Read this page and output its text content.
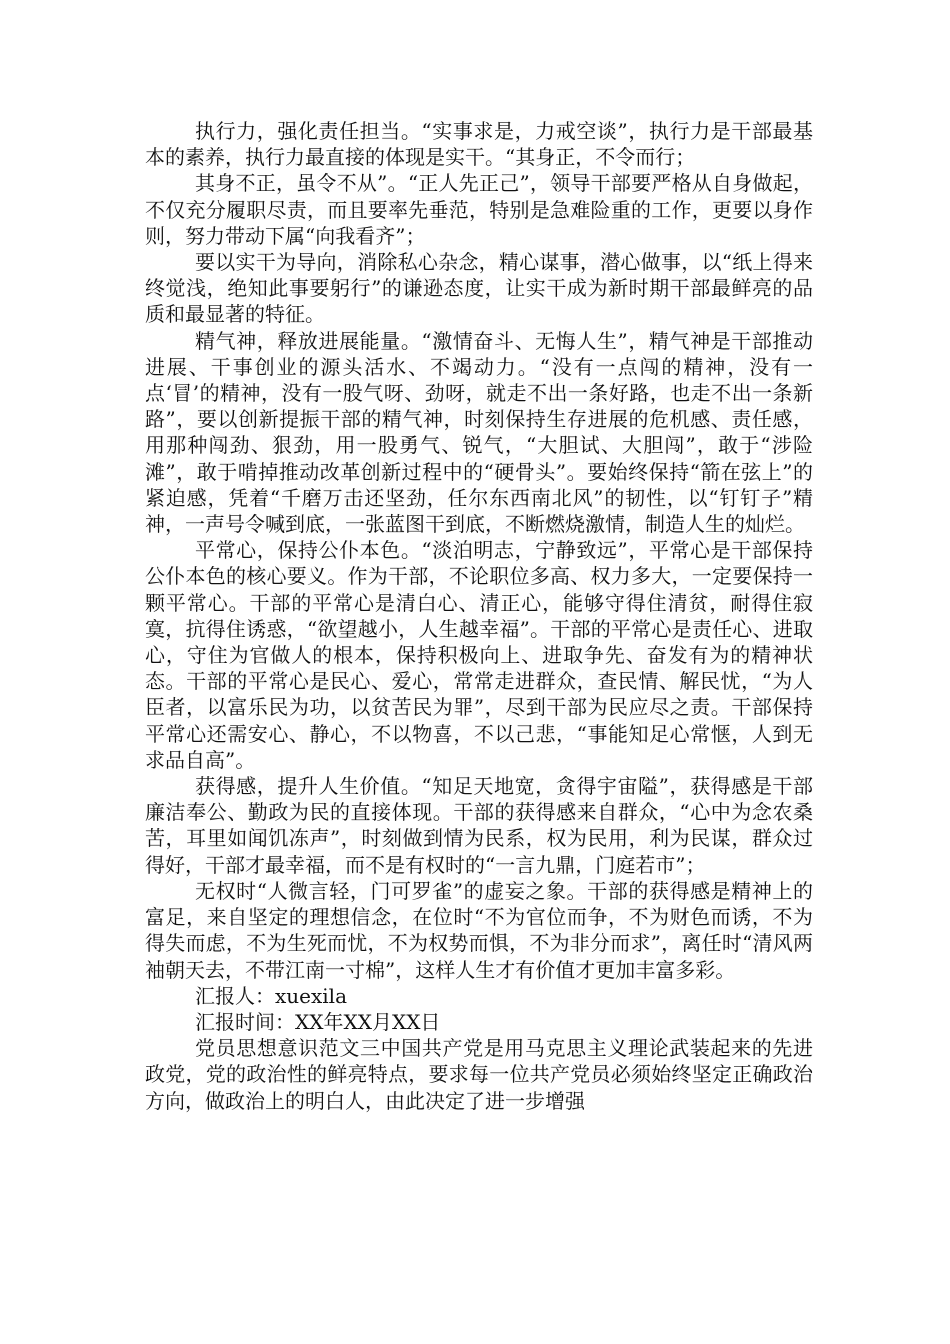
执行力，强化责任担当。“实事求是，力戒空谈”，执行力是干部最基本的素养，执行力最直接的体现是实干。“其身正，不令而行；

其身不正，虽令不从”。“正人先正己”，领导干部要严格从自身做起，不仅充分履职尽责，而且要率先垂范，特别是急难险重的工作，更要以身作则，努力带动下属“向我看齐”；

要以实干为导向，消除私心杂念，精心谋事，潜心做事，以“纸上得来终觉浅，绝知此事要躬行”的谦逊态度，让实干成为新时期干部最鲜亮的品质和最显著的特征。

精气神，释放进展能量。“激情奋斗、无悔人生”，精气神是干部推动进展、干事创业的源头活水、不竭动力。“没有一点闯的精神，没有一点‘冒’的精神，没有一股气呀、劲呀，就走不出一条好路，也走不出一条新路”，要以创新提振干部的精气神，时刻保持生存进展的危机感、责任感，用那种闯劲、狠劲，用一股勇气、锐气，“大胆试、大胆闯”，敢于“涉险滩”，敢于啃掉推动改革创新过程中的“硬骨头”。要始终保持“箭在弦上”的紧迫感，凭着“千磨万击还坚劲，任尔东西南北风”的韧性，以“钉钉子”精神，一声号令喊到底，一张蓝图干到底，不断燃烧激情，制造人生的灿烂。

平常心，保持公仆本色。“淡泊明志，宁静致远”，平常心是干部保持公仆本色的核心要义。作为干部，不论职位多高、权力多大，一定要保持一颗平常心。干部的平常心是清白心、清正心，能够守得住清贫，耐得住寂寞，抗得住诱惑，“欲望越小，人生越幸福”。干部的平常心是责任心、进取心，守住为官做人的根本，保持积极向上、进取争先、奋发有为的精神状态。干部的平常心是民心、爱心，常常走进群众，查民情、解民忧，“为人臣者，以富乐民为功，以贫苦民为罪”，尽到干部为民应尽之责。干部保持平常心还需安心、静心，不以物喜，不以己悲，“事能知足心常惬，人到无求品自高”。

获得感，提升人生价值。“知足天地宽，贪得宇宙隘”，获得感是干部廉洁奉公、勤政为民的直接体现。干部的获得感来自群众，“心中为念农桑苦，耳里如闻饥冻声”，时刻做到情为民系，权为民用，利为民谋，群众过得好，干部才最幸福，而不是有权时的“一言九鼎，门庭若市”；

无权时“人微言轻，门可罗雀”的虚妄之象。干部的获得感是精神上的富足，来自坚定的理想信念，在位时“不为官位而争，不为财色而诱，不为得失而虑，不为生死而忧，不为权势而惧，不为非分而求”，离任时“清风两袖朝天去，不带江南一寸棉”，这样人生才有价值才更加丰富多彩。

汇报人：xuexila

汇报时间：XX年XX月XX日

党员思想意识范文三中国共产党是用马克思主义理论武装起来的先进政党，党的政治性的鲜亮特点，要求每一位共产党员必须始终坚定正确政治方向，做政治上的明白人，由此决定了进一步增强
